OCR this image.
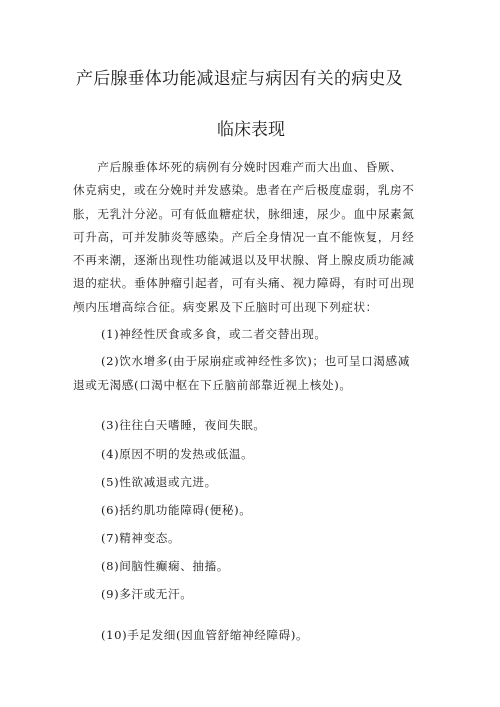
产后腺垂体功能减退症与病因有关的病史及
临床表现
　　产后腺垂体坏死的病例有分娩时因难产而大出血、昏厥、
休克病史，或在分娩时并发感染。患者在产后极度虚弱，乳房不
胀，无乳汁分泌。可有低血糖症状，脉细速，尿少。血中尿素氮
可升高，可并发肺炎等感染。产后全身情况一直不能恢复，月经
不再来潮，逐渐出现性功能减退以及甲状腺、肾上腺皮质功能减
退的症状。垂体肿瘤引起者，可有头痛、视力障碍，有时可出现
颅内压增高综合征。病变累及下丘脑时可出现下列症状：
(1)神经性厌食或多食，或二者交替出现。
(2)饮水增多(由于尿崩症或神经性多饮)；也可呈口渴感减
退或无渴感(口渴中枢在下丘脑前部靠近视上核处)。
(3)往往白天嗜睡，夜间失眠。
(4)原因不明的发热或低温。
(5)性欲减退或亢进。
(6)括约肌功能障碍(便秘)。
(7)精神变态。
(8)间脑性癫痫、抽搐。
(9)多汗或无汗。
(10)手足发细(因血管舒缩神经障碍)。
